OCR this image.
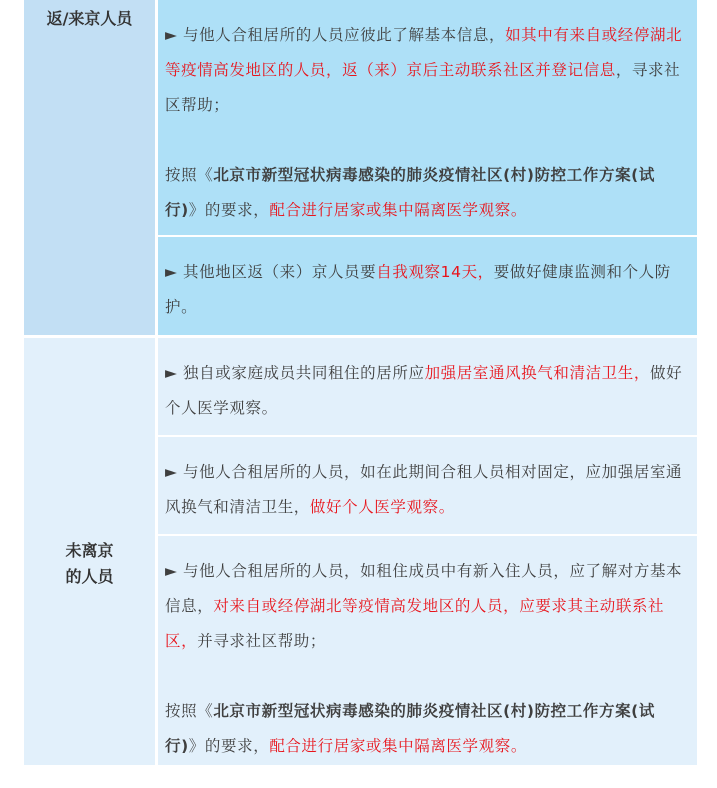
返/来京人员
► 与他人合租居所的人员应彼此了解基本信息，如其中有来自或经停湖北等疫情高发地区的人员，返（来）京后主动联系社区并登记信息，寻求社区帮助；
按照《北京市新型冠状病毒感染的肺炎疫情社区(村)防控工作方案(试行)》的要求，配合进行居家或集中隔离医学观察。
► 其他地区返（来）京人员要自我观察14天，要做好健康监测和个人防护。
未离京
的人员
► 独自或家庭成员共同租住的居所应加强居室通风换气和清洁卫生，做好个人医学观察。
► 与他人合租居所的人员，如在此期间合租人员相对固定，应加强居室通风换气和清洁卫生，做好个人医学观察。
► 与他人合租居所的人员，如租住成员中有新入住人员，应了解对方基本信息，对来自或经停湖北等疫情高发地区的人员，应要求其主动联系社区，并寻求社区帮助；
按照《北京市新型冠状病毒感染的肺炎疫情社区(村)防控工作方案(试行)》的要求，配合进行居家或集中隔离医学观察。
